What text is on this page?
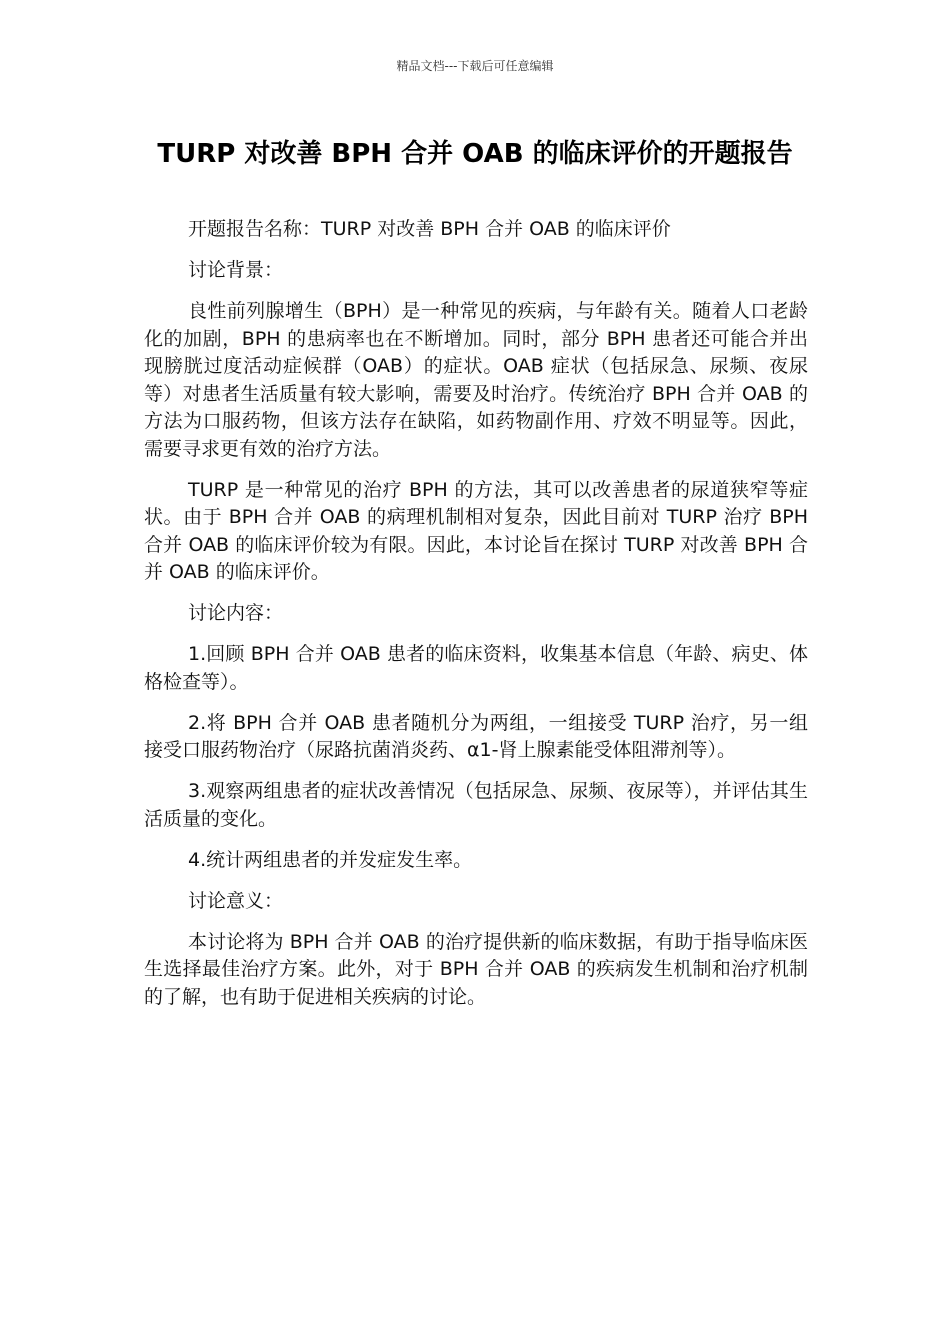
精品文档---下载后可任意编辑
TURP 对改善 BPH 合并 OAB 的临床评价的开题报告

开题报告名称：TURP 对改善 BPH 合并 OAB 的临床评价

讨论背景：

良性前列腺增生（BPH）是一种常见的疾病，与年龄有关。随着人口老龄化的加剧，BPH 的患病率也在不断增加。同时，部分 BPH 患者还可能合并出现膀胱过度活动症候群（OAB）的症状。OAB 症状（包括尿急、尿频、夜尿等）对患者生活质量有较大影响，需要及时治疗。传统治疗 BPH 合并 OAB 的方法为口服药物，但该方法存在缺陷，如药物副作用、疗效不明显等。因此，需要寻求更有效的治疗方法。

TURP 是一种常见的治疗 BPH 的方法，其可以改善患者的尿道狭窄等症状。由于 BPH 合并 OAB 的病理机制相对复杂，因此目前对 TURP 治疗 BPH 合并 OAB 的临床评价较为有限。因此，本讨论旨在探讨 TURP 对改善 BPH 合并 OAB 的临床评价。

讨论内容：

1.回顾 BPH 合并 OAB 患者的临床资料，收集基本信息（年龄、病史、体格检查等）。

2.将 BPH 合并 OAB 患者随机分为两组，一组接受 TURP 治疗，另一组接受口服药物治疗（尿路抗菌消炎药、α1-肾上腺素能受体阻滞剂等）。

3.观察两组患者的症状改善情况（包括尿急、尿频、夜尿等），并评估其生活质量的变化。

4.统计两组患者的并发症发生率。

讨论意义：

本讨论将为 BPH 合并 OAB 的治疗提供新的临床数据，有助于指导临床医生选择最佳治疗方案。此外，对于 BPH 合并 OAB 的疾病发生机制和治疗机制的了解，也有助于促进相关疾病的讨论。
